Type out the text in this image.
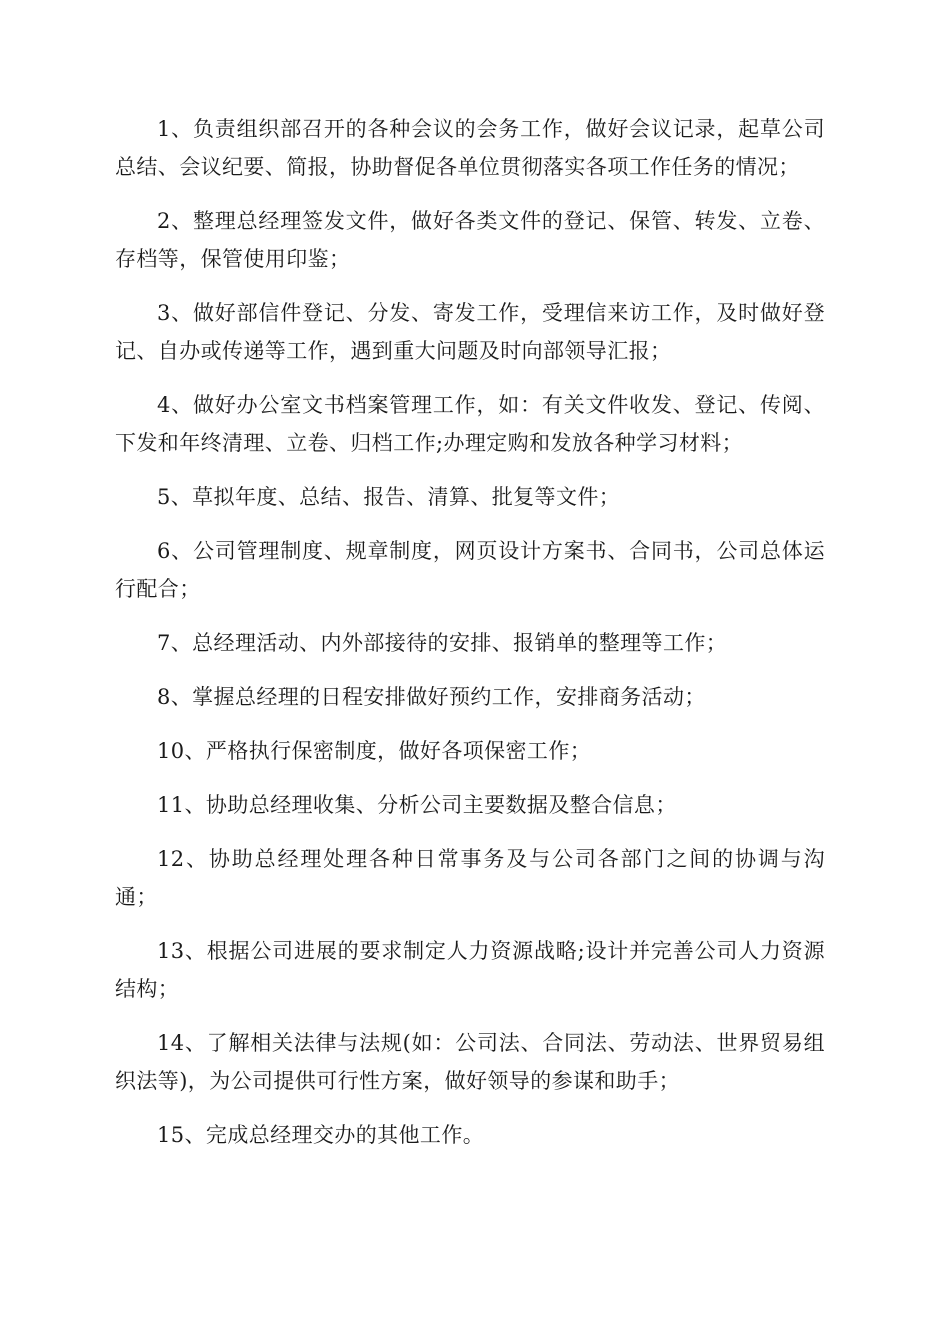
1、负责组织部召开的各种会议的会务工作，做好会议记录，起草公司总结、会议纪要、简报，协助督促各单位贯彻落实各项工作任务的情况；

2、整理总经理签发文件，做好各类文件的登记、保管、转发、立卷、存档等，保管使用印鉴；

3、做好部信件登记、分发、寄发工作，受理信来访工作，及时做好登记、自办或传递等工作，遇到重大问题及时向部领导汇报；

4、做好办公室文书档案管理工作，如：有关文件收发、登记、传阅、下发和年终清理、立卷、归档工作;办理定购和发放各种学习材料；

5、草拟年度、总结、报告、清算、批复等文件；

6、公司管理制度、规章制度，网页设计方案书、合同书，公司总体运行配合；

7、总经理活动、内外部接待的安排、报销单的整理等工作；

8、掌握总经理的日程安排做好预约工作，安排商务活动；

10、严格执行保密制度，做好各项保密工作；

11、协助总经理收集、分析公司主要数据及整合信息；

12、协助总经理处理各种日常事务及与公司各部门之间的协调与沟通；

13、根据公司进展的要求制定人力资源战略;设计并完善公司人力资源结构；

14、了解相关法律与法规(如：公司法、合同法、劳动法、世界贸易组织法等)，为公司提供可行性方案，做好领导的参谋和助手；

15、完成总经理交办的其他工作。
